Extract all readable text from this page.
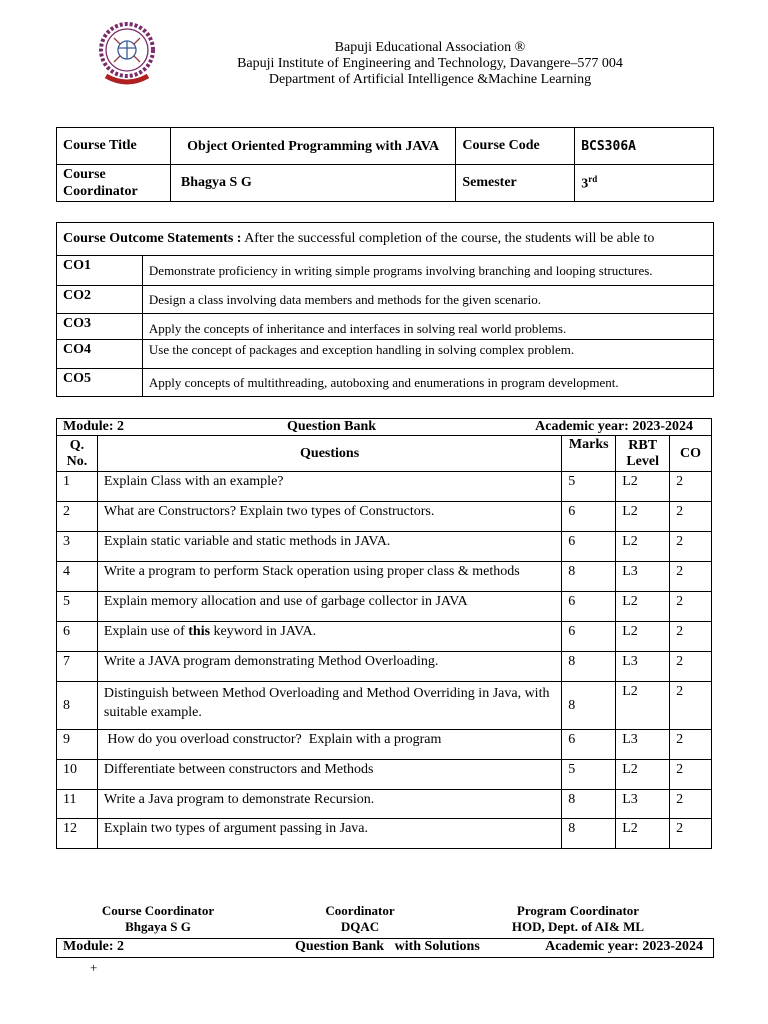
Bapuji Educational Association ®
Bapuji Institute of Engineering and Technology, Davangere–577 004
Department of Artificial Intelligence &Machine Learning
Course Title	Object Oriented Programming with JAVA	Course Code	BCS306A
Course Coordinator	Bhagya S G	Semester	3rd
Course Outcome Statements : After the successful completion of the course, the students will be able to	
CO1	Demonstrate proficiency in writing simple programs involving branching and looping structures.
CO2	Design a class involving data members and methods for the given scenario.
CO3	Apply the concepts of inheritance and interfaces in solving real world problems.
CO4	Use the concept of packages and exception handling in solving complex problem.
CO5	Apply concepts of multithreading, autoboxing and enumerations in program development.
Module: 2 Question Bank Academic year: 2023-2024				

Q. No.	Questions	Marks	RBT Level	CO
1	Explain Class with an example?	5	L2	2
2	What are Constructors? Explain two types of Constructors.	6	L2	2
3	Explain static variable and static methods in JAVA.	6	L2	2
4	Write a program to perform Stack operation using proper class & methods	8	L3	2
5	Explain memory allocation and use of garbage collector in JAVA	6	L2	2
6	Explain use of this keyword in JAVA.	6	L2	2
7	Write a JAVA program demonstrating Method Overloading.	8	L3	2
8	Distinguish between Method Overloading and Method Overriding in Java, with suitable example.	8	L2	2
9	How do you overload constructor?  Explain with a program	6	L3	2
10	Differentiate between constructors and Methods	5	L2	2
11	Write a Java program to demonstrate Recursion.	8	L3	2
12	Explain two types of argument passing in Java.	8	L2	2
Course Coordinator
Bhgaya S G
Coordinator
DQAC
Program Coordinator
HOD, Dept. of AI& ML
Module: 2	Question Bank   with Solutions	Academic year: 2023-2024
+
